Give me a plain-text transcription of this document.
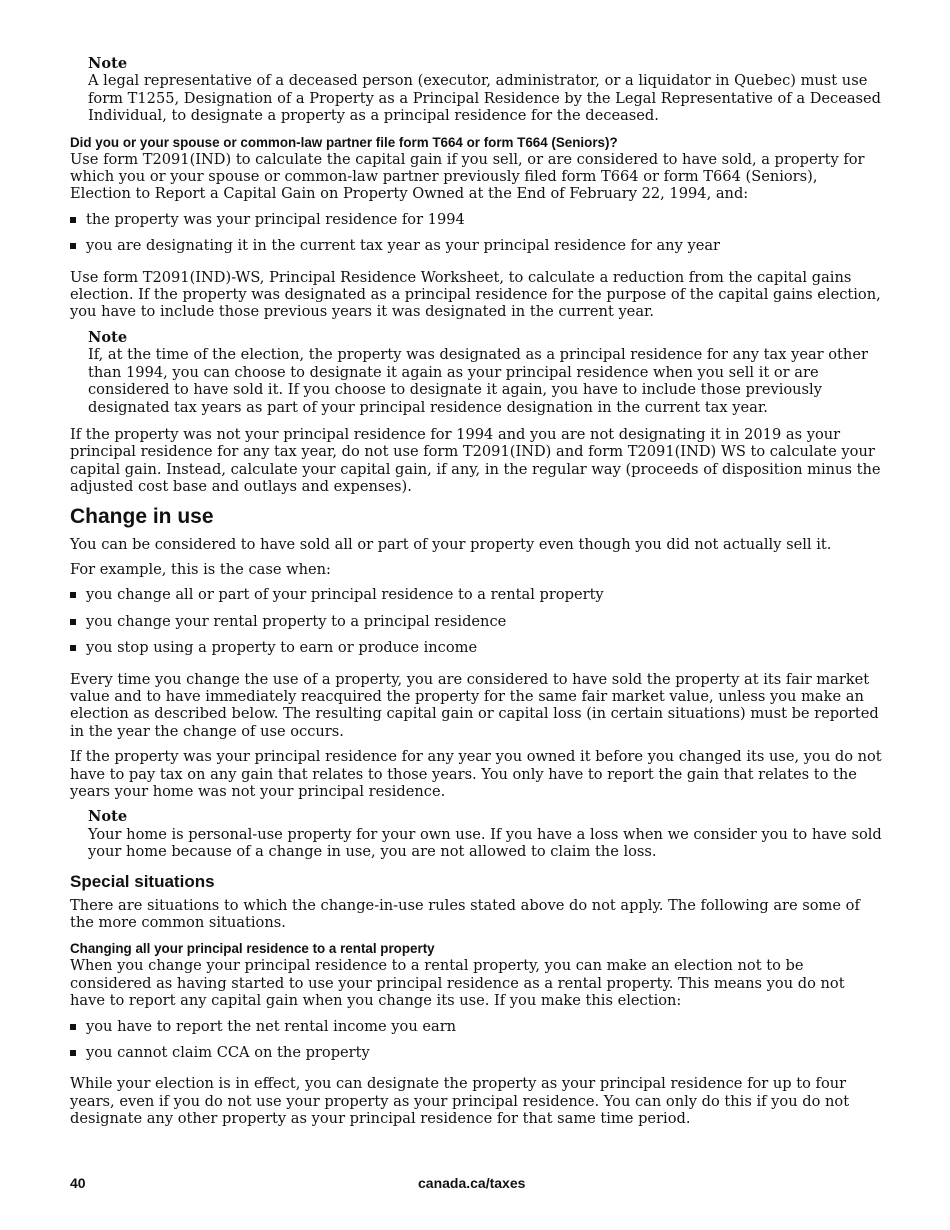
Note

A legal representative of a deceased person (executor, administrator, or a liquidator in Quebec) must use form T1255, Designation of a Property as a Principal Residence by the Legal Representative of a Deceased Individual, to designate a property as a principal residence for the deceased.

Did you or your spouse or common-law partner file form T664 or form T664 (Seniors)?

Use form T2091(IND) to calculate the capital gain if you sell, or are considered to have sold, a property for which you or your spouse or common-law partner previously filed form T664 or form T664 (Seniors), Election to Report a Capital Gain on Property Owned at the End of February 22, 1994, and:

the property was your principal residence for 1994
you are designating it in the current tax year as your principal residence for any year

Use form T2091(IND)-WS, Principal Residence Worksheet, to calculate a reduction from the capital gains election. If the property was designated as a principal residence for the purpose of the capital gains election, you have to include those previous years it was designated in the current year.

Note

If, at the time of the election, the property was designated as a principal residence for any tax year other than 1994, you can choose to designate it again as your principal residence when you sell it or are considered to have sold it. If you choose to designate it again, you have to include those previously designated tax years as part of your principal residence designation in the current tax year.

If the property was not your principal residence for 1994 and you are not designating it in 2019 as your principal residence for any tax year, do not use form T2091(IND) and form T2091(IND) WS to calculate your capital gain. Instead, calculate your capital gain, if any, in the regular way (proceeds of disposition minus the adjusted cost base and outlays and expenses).

Change in use

You can be considered to have sold all or part of your property even though you did not actually sell it.

For example, this is the case when:

you change all or part of your principal residence to a rental property
you change your rental property to a principal residence
you stop using a property to earn or produce income

Every time you change the use of a property, you are considered to have sold the property at its fair market value and to have immediately reacquired the property for the same fair market value, unless you make an election as described below. The resulting capital gain or capital loss (in certain situations) must be reported in the year the change of use occurs.

If the property was your principal residence for any year you owned it before you changed its use, you do not have to pay tax on any gain that relates to those years. You only have to report the gain that relates to the years your home was not your principal residence.

Note

Your home is personal-use property for your own use. If you have a loss when we consider you to have sold your home because of a change in use, you are not allowed to claim the loss.

Special situations

There are situations to which the change-in-use rules stated above do not apply. The following are some of the more common situations.

Changing all your principal residence to a rental property

When you change your principal residence to a rental property, you can make an election not to be considered as having started to use your principal residence as a rental property. This means you do not have to report any capital gain when you change its use. If you make this election:

you have to report the net rental income you earn
you cannot claim CCA on the property

While your election is in effect, you can designate the property as your principal residence for up to four years, even if you do not use your property as your principal residence. You can only do this if you do not designate any other property as your principal residence for that same time period.

40	canada.ca/taxes
